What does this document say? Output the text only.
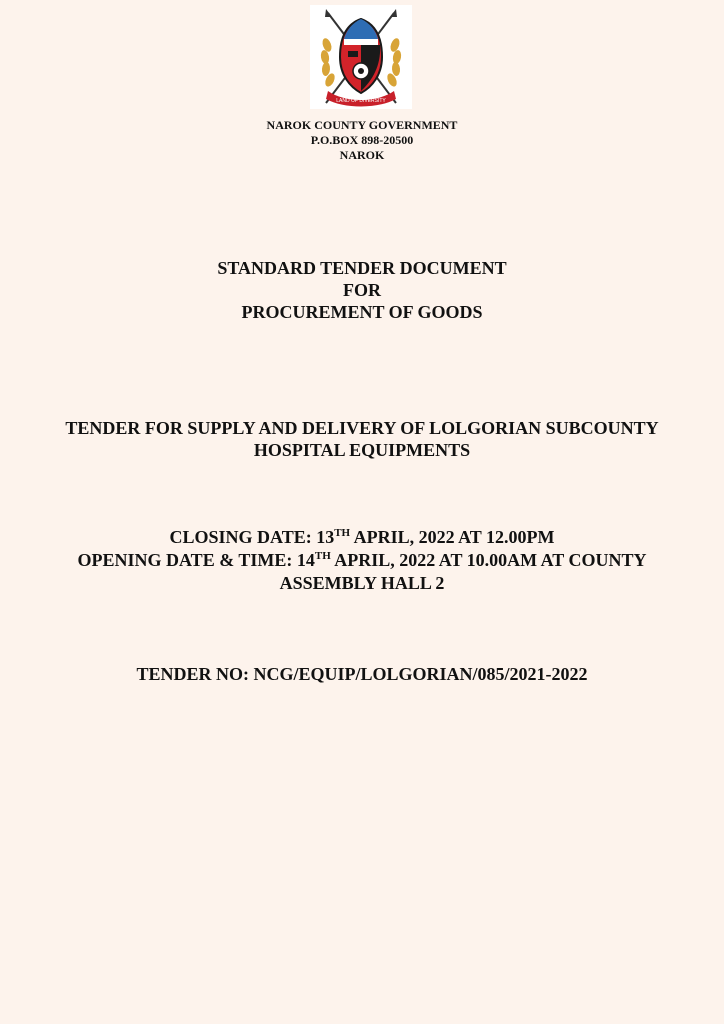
LAND OF DIVERSITY
NAROK COUNTY GOVERNMENT
P.O.BOX 898-20500
NAROK
STANDARD TENDER DOCUMENT
FOR
PROCUREMENT OF GOODS
TENDER FOR SUPPLY AND DELIVERY OF LOLGORIAN SUBCOUNTY
HOSPITAL EQUIPMENTS
CLOSING DATE: 13TH APRIL, 2022 AT 12.00PM
OPENING DATE & TIME: 14TH APRIL, 2022 AT 10.00AM AT COUNTY
ASSEMBLY HALL 2
TENDER NO: NCG/EQUIP/LOLGORIAN/085/2021-2022
